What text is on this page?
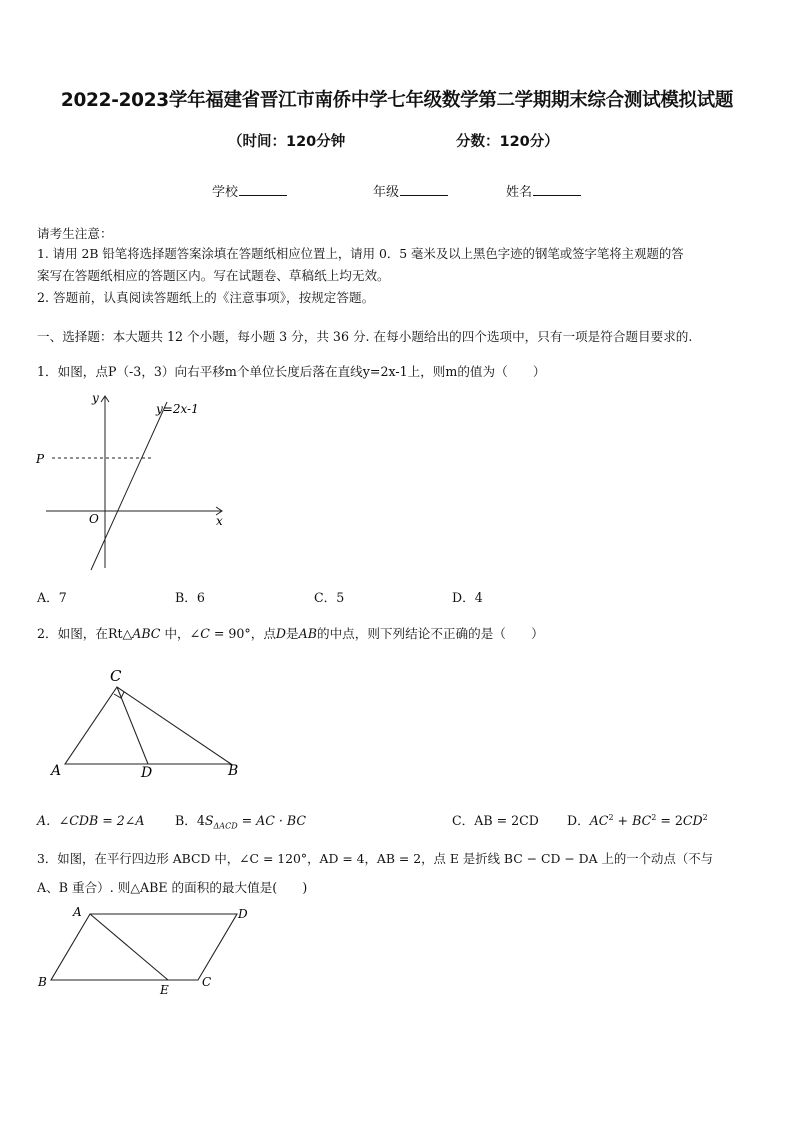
2022-2023学年福建省晋江市南侨中学七年级数学第二学期期末综合测试模拟试题
（时间：120分钟	分数：120分）
学校	年级	姓名
请考生注意：
1. 请用 2B 铅笔将选择题答案涂填在答题纸相应位置上，请用 0．5 毫米及以上黑色字迹的钢笔或签字笔将主观题的答
案写在答题纸相应的答题区内。写在试题卷、草稿纸上均无效。
2. 答题前，认真阅读答题纸上的《注意事项》，按规定答题。
一、选择题：本大题共 12 个小题，每小题 3 分，共 36 分. 在每小题给出的四个选项中，只有一项是符合题目要求的.
1．如图，点P（-3，3）向右平移m个单位长度后落在直线y=2x-1上，则m的值为（　　）
y=2x-1
P
O	x
y
A．7	B．6	C．5	D．4
2．如图，在Rt△ABC 中，∠C = 90°，点D是AB的中点，则下列结论不正确的是（　　）
A	B
C
D
A．∠CDB = 2∠A B．$4S_{\Delta ACD}$ = AC · BC	C．AB = 2CD D．$AC^2 + BC^2 = 2CD^2$
3．如图，在平行四边形 ABCD 中，∠C = 120°，AD = 4，AB = 2，点 E 是折线 BC − CD − DA 上的一个动点（不与
A、B 重合）. 则△ABE 的面积的最大值是(　　)
A	D
B	C
E
